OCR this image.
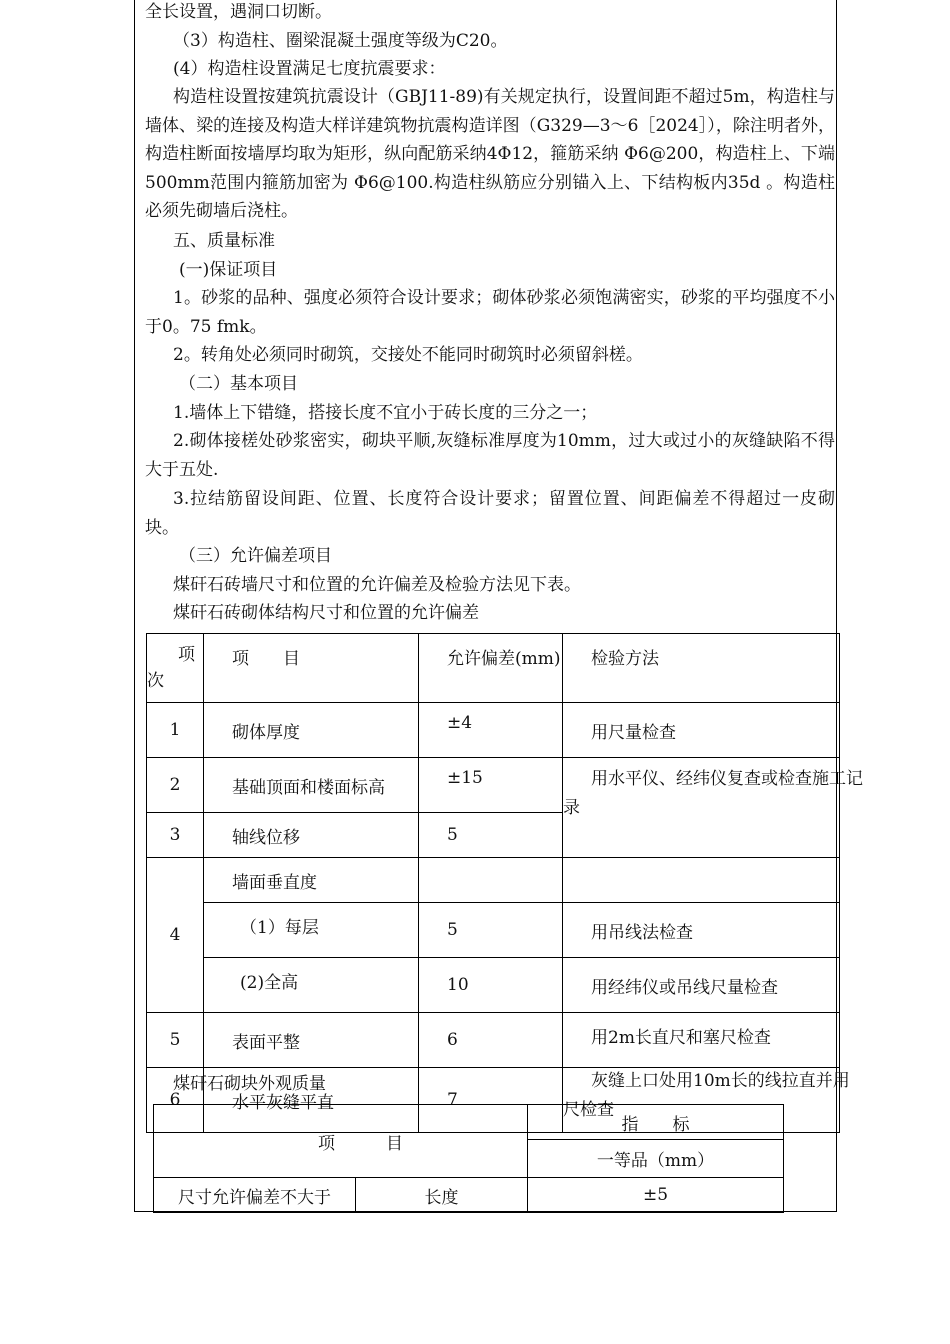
全长设置，遇洞口切断。
（3）构造柱、圈梁混凝土强度等级为C20。
(4）构造柱设置满足七度抗震要求：
构造柱设置按建筑抗震设计（GBJ11-89)有关规定执行，设置间距不超过5m，构造柱与墙体、梁的连接及构造大样详建筑物抗震构造详图（G329—3～6［2024］），除注明者外，构造柱断面按墙厚均取为矩形，纵向配筋采纳4Φ12，箍筋采纳 Φ6@200，构造柱上、下端500mm范围内箍筋加密为 Φ6@100.构造柱纵筋应分别锚入上、下结构板内35d 。构造柱必须先砌墙后浇柱。
五、质量标准
(一)保证项目
1。砂浆的品种、强度必须符合设计要求；砌体砂浆必须饱满密实，砂浆的平均强度不小于0。75 fmk。
2。转角处必须同时砌筑，交接处不能同时砌筑时必须留斜槎。
（二）基本项目
1.墙体上下错缝，搭接长度不宜小于砖长度的三分之一；
2.砌体接槎处砂浆密实，砌块平顺,灰缝标准厚度为10mm，过大或过小的灰缝缺陷不得大于五处.
3.拉结筋留设间距、位置、长度符合设计要求；留置位置、间距偏差不得超过一皮砌块。
（三）允许偏差项目
煤矸石砖墙尺寸和位置的允许偏差及检验方法见下表。
煤矸石砖砌体结构尺寸和位置的允许偏差
项
次	项　　目	允许偏差(mm)	检验方法
1	砌体厚度	±4	用尺量检查
2	基础顶面和楼面标高	±15	用水平仪、经纬仪复查或检查施工记录

3	轴线位移	5	
4	墙面垂直度		
	（1）每层	5	用吊线法检查
	(2)全高	10	用经纬仪或吊线尺量检查
5	表面平整	6	用2m长直尺和塞尺检查
6	水平灰缝平直	7	灰缝上口处用10m长的线拉直并用尺检查
煤矸石砌块外观质量
项　　　目		指　　标
		一等品（mm）
尺寸允许偏差不大于	长度	±5
